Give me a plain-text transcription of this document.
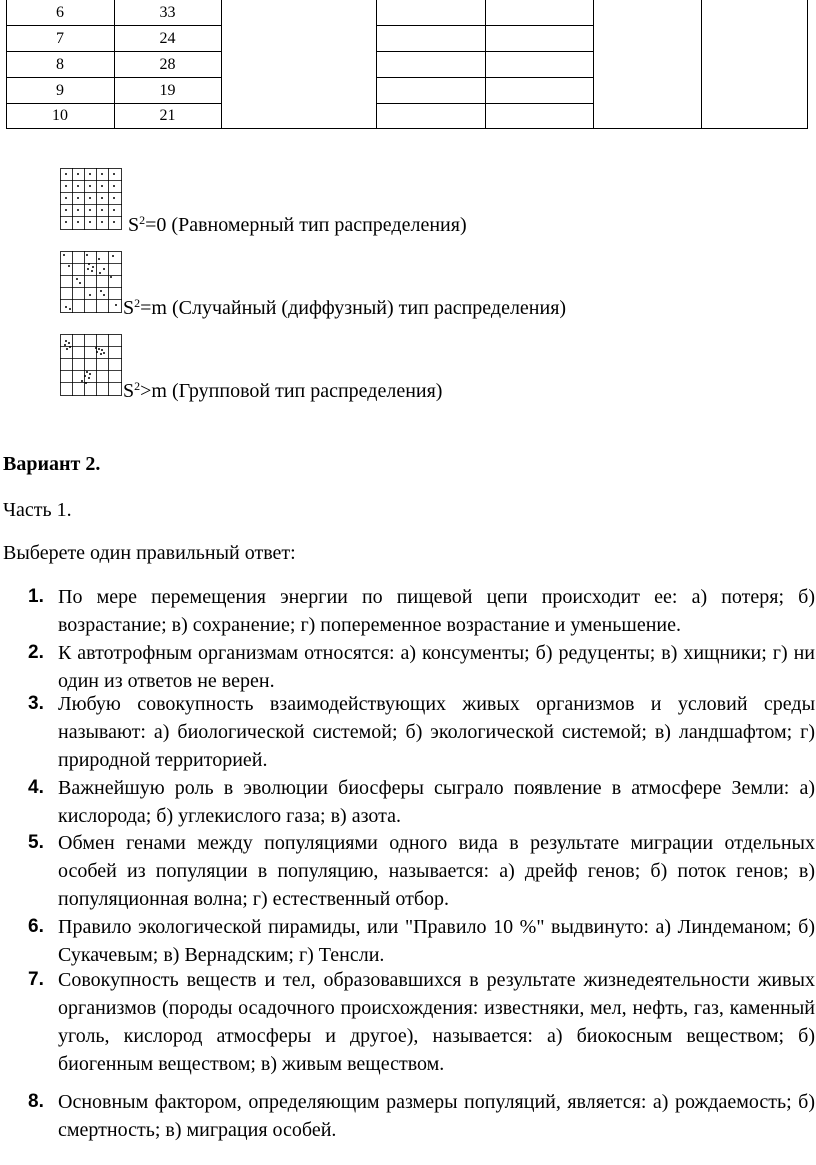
6	33
7	24
8	28
9	19
10	21
$S^2=0$ (Равномерный тип распределения)
$S^2=m$ (Случайный (диффузный) тип распределения)
$S^2>m$ (Групповой тип распределения)
Вариант 2.
Часть 1.
Выберете один правильный ответ:
1. По мере перемещения энергии по пищевой цепи происходит ее: а) потеря; б) возрастание; в) сохранение; г) попеременное возрастание и уменьшение.
2. К автотрофным организмам относятся: а) консументы; б) редуценты; в) хищники; г) ни один из ответов не верен.
3. Любую совокупность взаимодействующих живых организмов и условий среды называют: а) биологической системой; б) экологической системой; в) ландшафтом; г) природной территорией.
4. Важнейшую роль в эволюции биосферы сыграло появление в атмосфере Земли: а) кислорода; б) углекислого газа; в) азота.
5. Обмен генами между популяциями одного вида в результате миграции отдельных особей из популяции в популяцию, называется: а) дрейф генов; б) поток генов; в) популяционная волна; г) естественный отбор.
6. Правило экологической пирамиды, или "Правило 10 %" выдвинуто: а) Линдеманом; б) Сукачевым; в) Вернадским; г) Тенсли.
7. Совокупность веществ и тел, образовавшихся в результате жизнедеятельности живых организмов (породы осадочного происхождения: известняки, мел, нефть, газ, каменный уголь, кислород атмосферы и другое), называется: а) биокосным веществом; б) биогенным веществом; в) живым веществом.
8. Основным фактором, определяющим размеры популяций, является: а) рождаемость; б) смертность; в) миграция особей.
